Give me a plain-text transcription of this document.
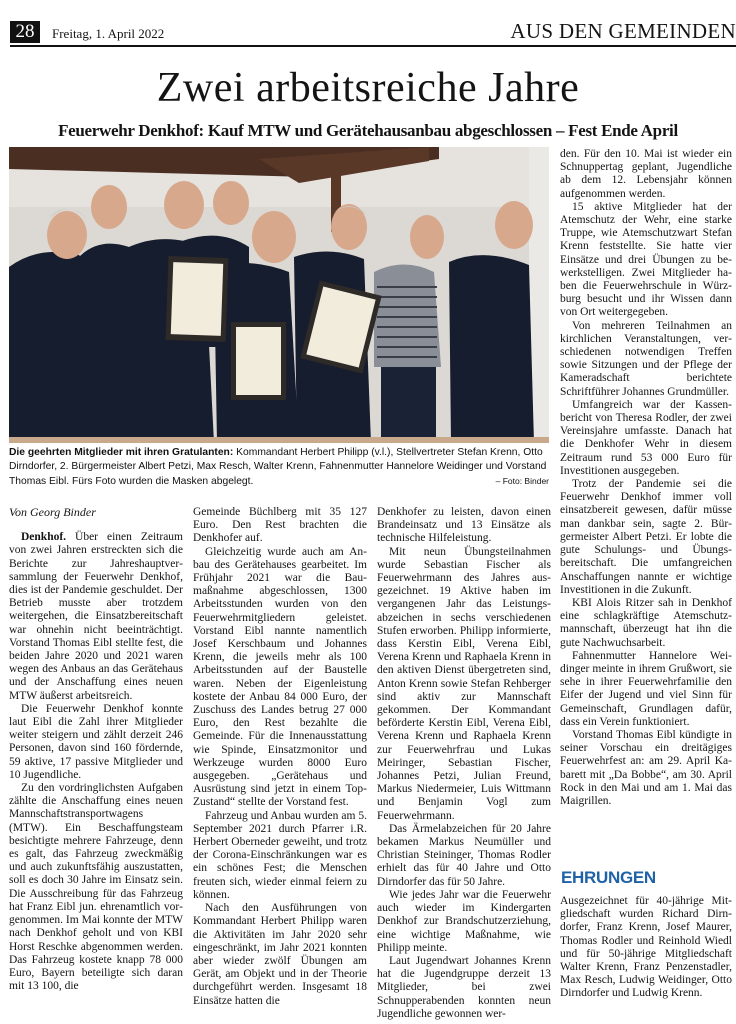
28	Freitag, 1. April 2022	AUS DEN GEMEINDEN
Zwei arbeitsreiche Jahre
Feuerwehr Denkhof: Kauf MTW und Gerätehausanbau abgeschlossen – Fest Ende April
Die geehrten Mitglieder mit ihren Gratulanten: Kommandant Herbert Philipp (v.l.), Stellvertreter Stefan Krenn, Otto Dirndorfer, 2. Bürgermeister Albert Petzi, Max Resch, Walter Krenn, Fahnenmutter Hannelore Weidinger und Vorstand Thomas Eibl. Fürs Foto wurden die Masken abgelegt.	– Foto: Binder

Von Georg Binder

Denkhof. Über einen Zeitraum von zwei Jahren erstreckten sich die Berichte zur Jahreshauptversammlung der Feuerwehr Denkhof, dies ist der Pandemie geschuldet. Der Betrieb musste aber trotzdem weitergehen, die Einsatzbereitschaft war ohnehin nicht beeinträchtigt. Vorstand Thomas Eibl stellte fest, die beiden Jahre 2020 und 2021 waren wegen des Anbaus an das Gerätehaus und der Anschaffung eines neuen MTW äußerst arbeitsreich.

Die Feuerwehr Denkhof konnte laut Eibl die Zahl ihrer Mitglieder weiter steigern und zählt derzeit 246 Personen, davon sind 160 fördernde, 59 aktive, 17 passive Mitglieder und 10 Jugendliche.

Zu den vordringlichsten Aufgaben zählte die Anschaffung eines neuen Mannschaftstransportwagens (MTW). Ein Beschaffungsteam besichtigte mehrere Fahrzeuge, denn es galt, das Fahrzeug zweckmäßig und auch zukunftsfähig auszustatten, soll es doch 30 Jahre im Einsatz sein. Die Ausschreibung für das Fahrzeug hat Franz Eibl jun. ehrenamtlich vorgenommen. Im Mai konnte der MTW nach Denkhof geholt und von KBI Horst Reschke abgenommen werden. Das Fahrzeug kostete knapp 78 000 Euro, Bayern beteiligte sich daran mit 13 100, die

Gemeinde Büchlberg mit 35 127 Euro. Den Rest brachten die Denkhofer auf.

Gleichzeitig wurde auch am Anbau des Gerätehauses gearbeitet. Im Frühjahr 2021 war die Baumaßnahme abgeschlossen, 1300 Arbeitsstunden wurden von den Feuerwehrmitgliedern geleistet. Vorstand Eibl nannte namentlich Josef Kerschbaum und Johannes Krenn, die jeweils mehr als 100 Arbeitsstunden auf der Baustelle waren. Neben der Eigenleistung kostete der Anbau 84 000 Euro, der Zuschuss des Landes betrug 27 000 Euro, den Rest bezahlte die Gemeinde. Für die Innenausstattung wie Spinde, Einsatzmonitor und Werkzeuge wurden 8000 Euro ausgegeben. „Gerätehaus und Ausrüstung sind jetzt in einem Top-Zustand“ stellte der Vorstand fest.

Fahrzeug und Anbau wurden am 5. September 2021 durch Pfarrer i.R. Herbert Oberneder geweiht, und trotz der Corona-Einschränkungen war es ein schönes Fest; die Menschen freuten sich, wieder einmal feiern zu können.

Nach den Ausführungen von Kommandant Herbert Philipp waren die Aktivitäten im Jahr 2020 sehr eingeschränkt, im Jahr 2021 konnten aber wieder zwölf Übungen am Gerät, am Objekt und in der Theorie durchgeführt werden. Insgesamt 18 Einsätze hatten die

Denkhofer zu leisten, davon einen Brandeinsatz und 13 Einsätze als technische Hilfeleistung.

Mit neun Übungsteilnahmen wurde Sebastian Fischer als Feuerwehrmann des Jahres ausgezeichnet. 19 Aktive haben im vergangenen Jahr das Leistungsabzeichen in sechs verschiedenen Stufen erworben. Philipp informierte, dass Kerstin Eibl, Verena Eibl, Verena Krenn und Raphaela Krenn in den aktiven Dienst übergetreten sind, Anton Krenn sowie Stefan Rehberger sind aktiv zur Mannschaft gekommen. Der Kommandant beförderte Kerstin Eibl, Verena Eibl, Verena Krenn und Raphaela Krenn zur Feuerwehrfrau und Lukas Meiringer, Sebastian Fischer, Johannes Petzi, Julian Freund, Markus Niedermeier, Luis Wittmann und Benjamin Vogl zum Feuerwehrmann.

Das Ärmelabzeichen für 20 Jahre bekamen Markus Neumüller und Christian Steininger, Thomas Rodler erhielt das für 40 Jahre und Otto Dirndorfer das für 50 Jahre.

Wie jedes Jahr war die Feuerwehr auch wieder im Kindergarten Denkhof zur Brandschutzerziehung, eine wichtige Maßnahme, wie Philipp meinte.

Laut Jugendwart Johannes Krenn hat die Jugendgruppe derzeit 13 Mitglieder, bei zwei Schnupperabenden konnten neun Jugendliche gewonnen wer-

den. Für den 10. Mai ist wieder ein Schnuppertag geplant, Jugendliche ab dem 12. Lebensjahr können aufgenommen werden.

15 aktive Mitglieder hat der Atemschutz der Wehr, eine starke Truppe, wie Atemschutzwart Stefan Krenn feststellte. Sie hatte vier Einsätze und drei Übungen zu bewerkstelligen. Zwei Mitglieder haben die Feuerwehrschule in Würzburg besucht und ihr Wissen dann von Ort weitergegeben.

Von mehreren Teilnahmen an kirchlichen Veranstaltungen, verschiedenen notwendigen Treffen sowie Sitzungen und der Pflege der Kameradschaft berichtete Schriftführer Johannes Grundmüller.

Umfangreich war der Kassenbericht von Theresa Rodler, der zwei Vereinsjahre umfasste. Danach hat die Denkhofer Wehr in diesem Zeitraum rund 53 000 Euro für Investitionen ausgegeben.

Trotz der Pandemie sei die Feuerwehr Denkhof immer voll einsatzbereit gewesen, dafür müsse man dankbar sein, sagte 2. Bürgermeister Albert Petzi. Er lobte die gute Schulungs- und Übungsbereitschaft. Die umfangreichen Anschaffungen nannte er wichtige Investitionen in die Zukunft.

KBI Alois Ritzer sah in Denkhof eine schlagkräftige Atemschutzmannschaft, überzeugt hat ihn die gute Nachwuchsarbeit.

Fahnenmutter Hannelore Weidinger meinte in ihrem Grußwort, sie sehe in ihrer Feuerwehrfamilie den Eifer der Jugend und viel Sinn für Gemeinschaft, Grundlagen dafür, dass ein Verein funktioniert.

Vorstand Thomas Eibl kündigte in seiner Vorschau ein dreitägiges Feuerwehrfest an: am 29. April Kabarett mit „Da Bobbe“, am 30. April Rock in den Mai und am 1. Mai das Maigrillen.

EHRUNGEN

Ausgezeichnet für 40-jährige Mitgliedschaft wurden Richard Dirndorfer, Franz Krenn, Josef Maurer, Thomas Rodler und Reinhold Wiedl und für 50-jährige Mitgliedschaft Walter Krenn, Franz Penzenstadler, Max Resch, Ludwig Weidinger, Otto Dirndorfer und Ludwig Krenn.
